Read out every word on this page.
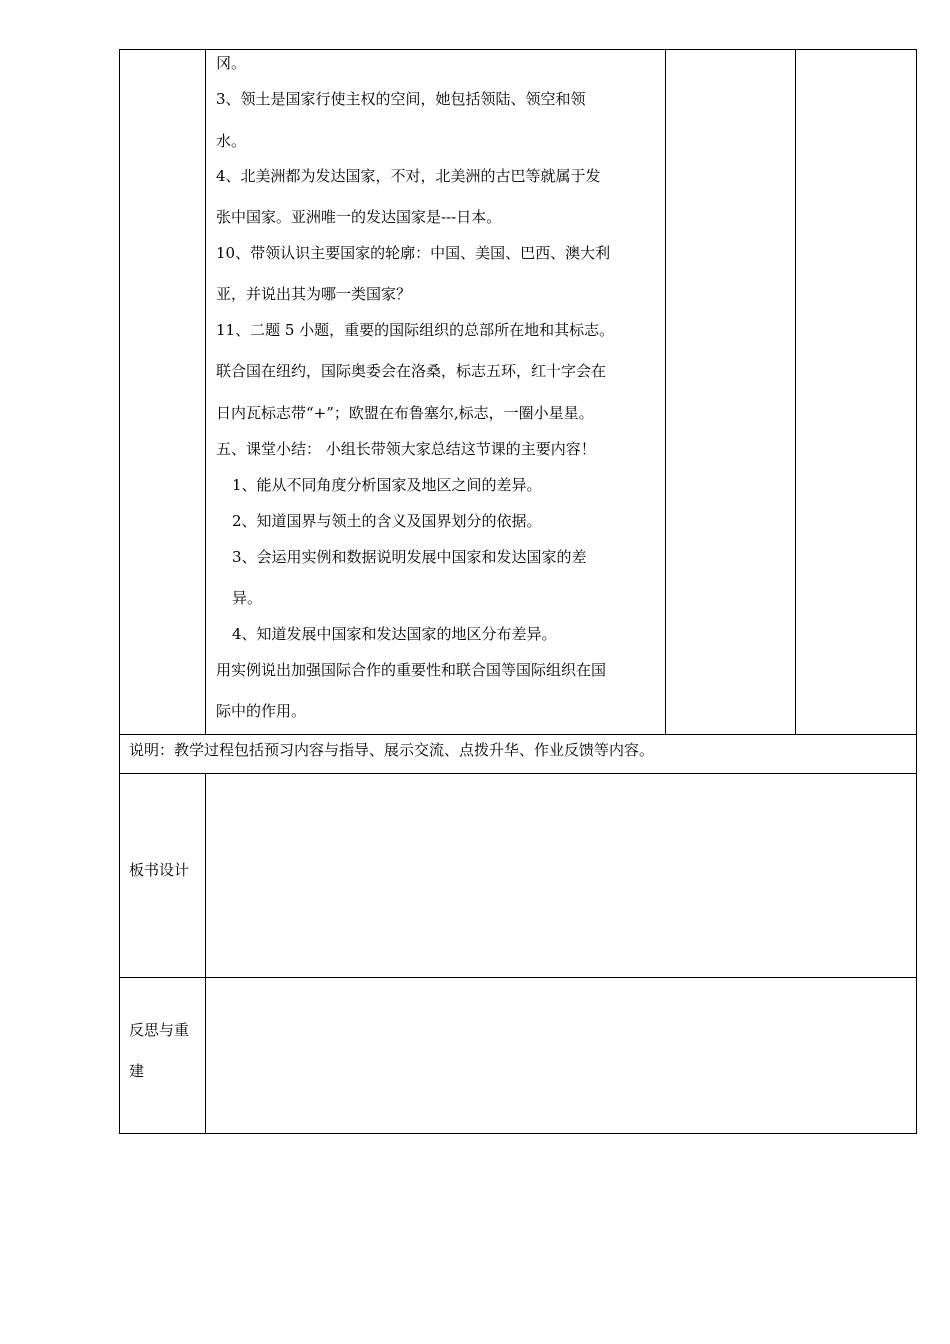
冈。
3、领土是国家行使主权的空间，她包括领陆、领空和领
水。
4、北美洲都为发达国家，不对，北美洲的古巴等就属于发
张中国家。亚洲唯一的发达国家是---日本。
10、带领认识主要国家的轮廓：中国、美国、巴西、澳大利
亚，并说出其为哪一类国家？
11、二题 5 小题，重要的国际组织的总部所在地和其标志。
联合国在纽约，国际奥委会在洛桑，标志五环，红十字会在
日内瓦标志带“+”；欧盟在布鲁塞尔,标志，一圈小星星。
五、课堂小结： 小组长带领大家总结这节课的主要内容！
1、能从不同角度分析国家及地区之间的差异。
2、知道国界与领土的含义及国界划分的依据。
3、会运用实例和数据说明发展中国家和发达国家的差
异。
4、知道发展中国家和发达国家的地区分布差异。
用实例说出加强国际合作的重要性和联合国等国际组织在国
际中的作用。
说明：教学过程包括预习内容与指导、展示交流、点拨升华、作业反馈等内容。
板书设计
反思与重
建
